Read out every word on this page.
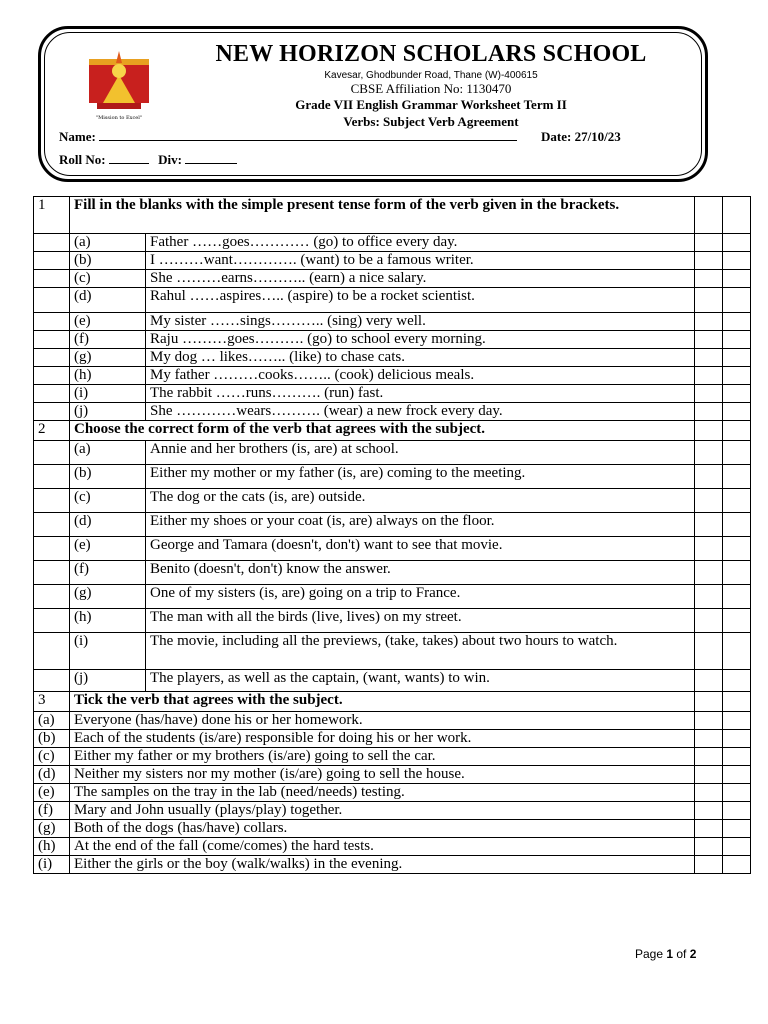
"Mission to Excel"
NEW HORIZON SCHOLARS SCHOOL
Kavesar, Ghodbunder Road, Thane (W)-400615
CBSE Affiliation No: 1130470
Grade VII English Grammar Worksheet Term II
Verbs: Subject Verb Agreement
Name:	Date: 27/10/23
Roll No:	Div:
1	Fill in the blanks with the simple present tense form of the verb given in the brackets.			
	(a)	Father ……goes………… (go) to office every day.		
	(b)	I ………want…………. (want) to be a famous writer.		
	(c)	She ………earns……….. (earn) a nice salary.		
	(d)	Rahul ……aspires….. (aspire) to be a rocket scientist.		
	(e)	My sister ……sings……….. (sing) very well.		
	(f)	Raju ………goes………. (go) to school every morning.		
	(g)	My dog … likes…….. (like) to chase cats.		
	(h)	My father ………cooks…….. (cook) delicious meals.		
	(i)	The rabbit ……runs………. (run) fast.		
	(j)	She …………wears………. (wear) a new frock every day.		
2	Choose the correct form of the verb that agrees with the subject.			
	(a)	Annie and her brothers (is, are) at school.		
	(b)	Either my mother or my father (is, are) coming to the meeting.		
	(c)	The dog or the cats (is, are) outside.		
	(d)	Either my shoes or your coat (is, are) always on the floor.		
	(e)	George and Tamara (doesn't, don't) want to see that movie.		
	(f)	Benito (doesn't, don't) know the answer.		
	(g)	One of my sisters (is, are) going on a trip to France.		
	(h)	The man with all the birds (live, lives) on my street.		
	(i)	The movie, including all the previews, (take, takes) about two hours to watch.		
	(j)	The players, as well as the captain, (want, wants) to win.		
3	Tick the verb that agrees with the subject.			
(a)	Everyone (has/have) done his or her homework.			
(b)	Each of the students (is/are) responsible for doing his or her work.			
(c)	Either my father or my brothers (is/are) going to sell the car.			
(d)	Neither my sisters nor my mother (is/are) going to sell the house.			
(e)	The samples on the tray in the lab (need/needs) testing.			
(f)	Mary and John usually (plays/play) together.			
(g)	Both of the dogs (has/have) collars.			
(h)	At the end of the fall (come/comes) the hard tests.			
(i)	Either the girls or the boy (walk/walks) in the evening.			
Page 1 of 2
